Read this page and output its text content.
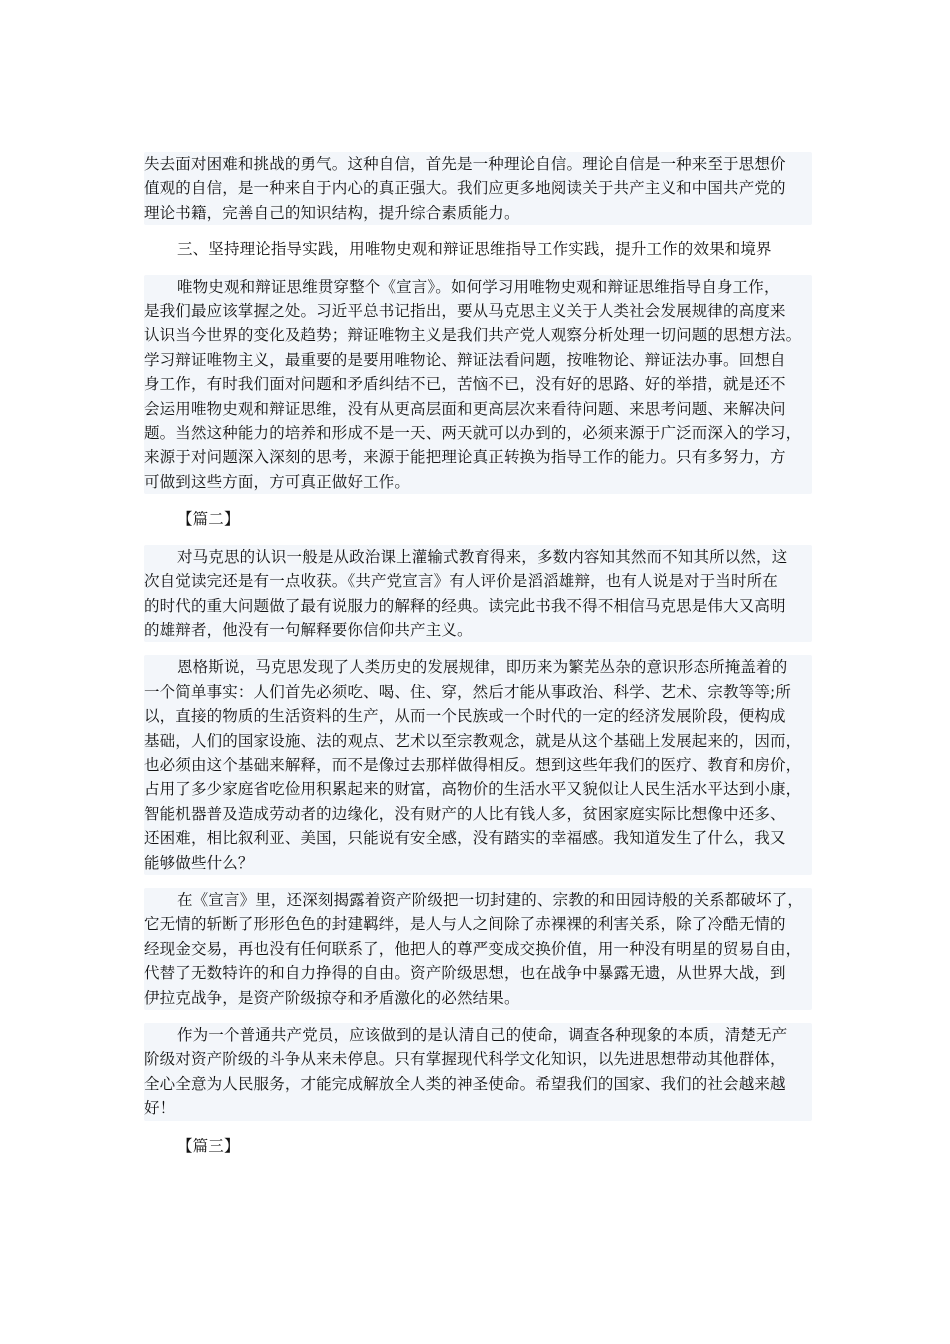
失去面对困难和挑战的勇气。这种自信，首先是一种理论自信。理论自信是一种来至于思想价
值观的自信，是一种来自于内心的真正强大。我们应更多地阅读关于共产主义和中国共产党的
理论书籍，完善自己的知识结构，提升综合素质能力。
三、坚持理论指导实践，用唯物史观和辩证思维指导工作实践，提升工作的效果和境界
唯物史观和辩证思维贯穿整个《宣言》。如何学习用唯物史观和辩证思维指导自身工作，
是我们最应该掌握之处。习近平总书记指出，要从马克思主义关于人类社会发展规律的高度来
认识当今世界的变化及趋势；辩证唯物主义是我们共产党人观察分析处理一切问题的思想方法。
学习辩证唯物主义，最重要的是要用唯物论、辩证法看问题，按唯物论、辩证法办事。回想自
身工作，有时我们面对问题和矛盾纠结不已，苦恼不已，没有好的思路、好的举措，就是还不
会运用唯物史观和辩证思维，没有从更高层面和更高层次来看待问题、来思考问题、来解决问
题。当然这种能力的培养和形成不是一天、两天就可以办到的，必须来源于广泛而深入的学习，
来源于对问题深入深刻的思考，来源于能把理论真正转换为指导工作的能力。只有多努力，方
可做到这些方面，方可真正做好工作。
【篇二】
对马克思的认识一般是从政治课上灌输式教育得来，多数内容知其然而不知其所以然，这
次自觉读完还是有一点收获。《共产党宣言》有人评价是滔滔雄辩，也有人说是对于当时所在
的时代的重大问题做了最有说服力的解释的经典。读完此书我不得不相信马克思是伟大又高明
的雄辩者，他没有一句解释要你信仰共产主义。
恩格斯说，马克思发现了人类历史的发展规律，即历来为繁芜丛杂的意识形态所掩盖着的
一个简单事实：人们首先必须吃、喝、住、穿，然后才能从事政治、科学、艺术、宗教等等;所
以，直接的物质的生活资料的生产，从而一个民族或一个时代的一定的经济发展阶段，便构成
基础，人们的国家设施、法的观点、艺术以至宗教观念，就是从这个基础上发展起来的，因而，
也必须由这个基础来解释，而不是像过去那样做得相反。想到这些年我们的医疗、教育和房价，
占用了多少家庭省吃俭用积累起来的财富，高物价的生活水平又貌似让人民生活水平达到小康，
智能机器普及造成劳动者的边缘化，没有财产的人比有钱人多，贫困家庭实际比想像中还多、
还困难，相比叙利亚、美国，只能说有安全感，没有踏实的幸福感。我知道发生了什么，我又
能够做些什么？
在《宣言》里，还深刻揭露着资产阶级把一切封建的、宗教的和田园诗般的关系都破坏了，
它无情的斩断了形形色色的封建羁绊，是人与人之间除了赤裸裸的利害关系，除了冷酷无情的
经现金交易，再也没有任何联系了，他把人的尊严变成交换价值，用一种没有明星的贸易自由，
代替了无数特许的和自力挣得的自由。资产阶级思想，也在战争中暴露无遗，从世界大战，到
伊拉克战争，是资产阶级掠夺和矛盾激化的必然结果。
作为一个普通共产党员，应该做到的是认清自己的使命，调查各种现象的本质，清楚无产
阶级对资产阶级的斗争从来未停息。只有掌握现代科学文化知识，以先进思想带动其他群体，
全心全意为人民服务，才能完成解放全人类的神圣使命。希望我们的国家、我们的社会越来越
好！
【篇三】
